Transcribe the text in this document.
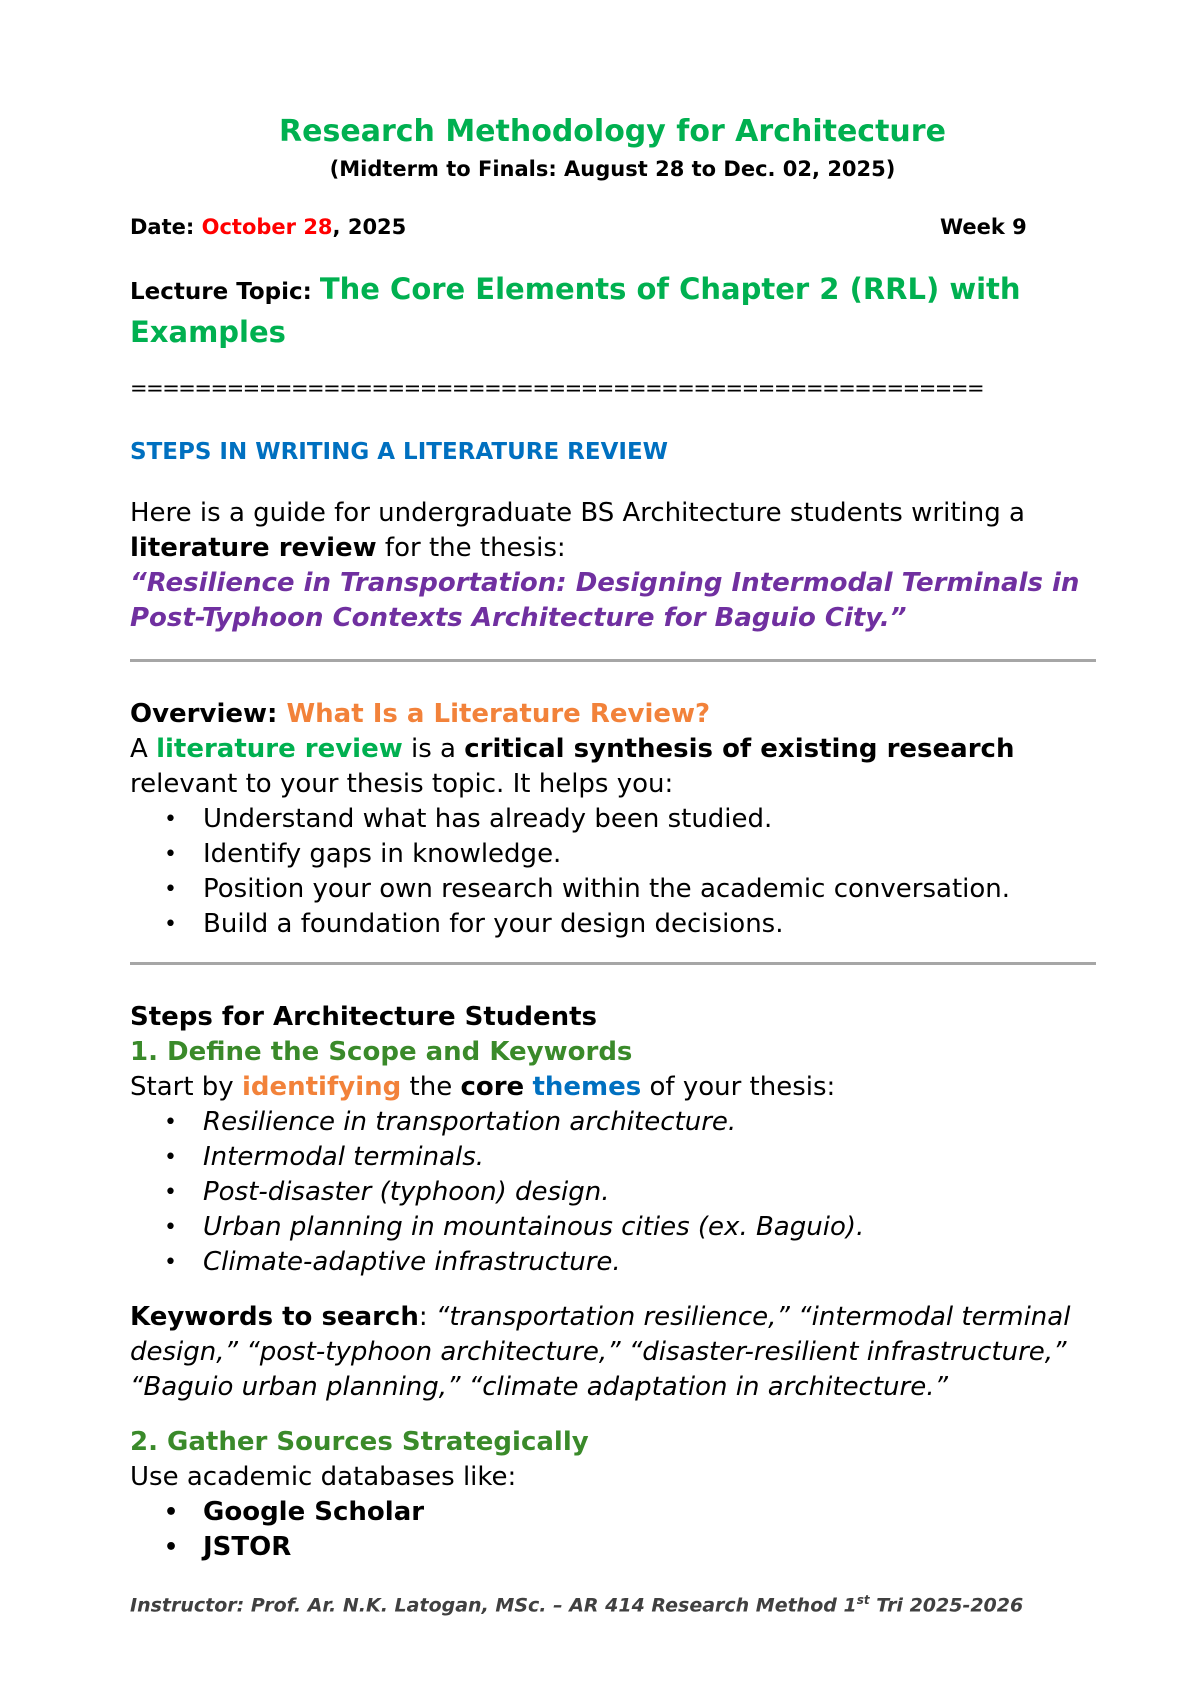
Research Methodology for Architecture
(Midterm to Finals: August 28 to Dec. 02, 2025)
Date: October 28, 2025	Week 9
Lecture Topic: The Core Elements of Chapter 2 (RRL) with Examples
=====================================================
STEPS IN WRITING A LITERATURE REVIEW
Here is a guide for undergraduate BS Architecture students writing a literature review for the thesis:
“Resilience in Transportation: Designing Intermodal Terminals in Post-Typhoon Contexts Architecture for Baguio City.”
Overview: What Is a Literature Review?
A literature review is a critical synthesis of existing research relevant to your thesis topic. It helps you:
• Understand what has already been studied.
• Identify gaps in knowledge.
• Position your own research within the academic conversation.
• Build a foundation for your design decisions.
Steps for Architecture Students
1. Define the Scope and Keywords
Start by identifying the core themes of your thesis:
• Resilience in transportation architecture.
• Intermodal terminals.
• Post-disaster (typhoon) design.
• Urban planning in mountainous cities (ex. Baguio).
• Climate-adaptive infrastructure.
Keywords to search: “transportation resilience,” “intermodal terminal design,” “post-typhoon architecture,” “disaster-resilient infrastructure,” “Baguio urban planning,” “climate adaptation in architecture.”
2. Gather Sources Strategically
Use academic databases like:
• Google Scholar
• JSTOR
Instructor: Prof. Ar. N.K. Latogan, MSc. – AR 414 Research Method 1st Tri 2025-2026
